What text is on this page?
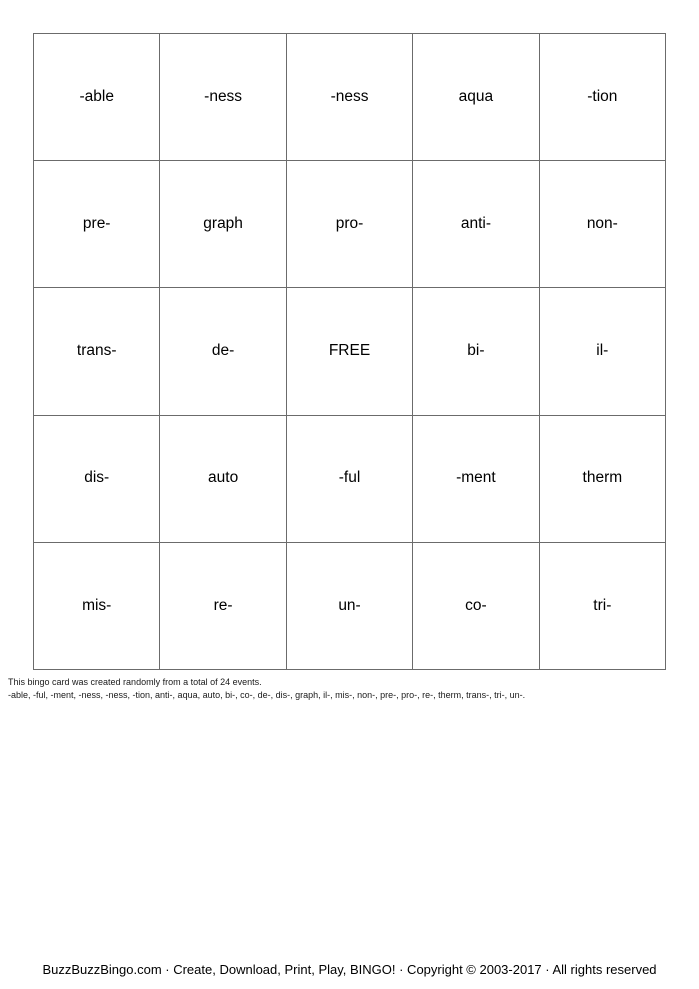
-able	-ness	-ness	aqua	-tion
pre-	graph	pro-	anti-	non-
trans-	de-	FREE	bi-	il-
dis-	auto	-ful	-ment	therm
mis-	re-	un-	co-	tri-
This bingo card was created randomly from a total of 24 events.
-able, -ful, -ment, -ness, -ness, -tion, anti-, aqua, auto, bi-, co-, de-, dis-, graph, il-, mis-, non-, pre-, pro-, re-, therm, trans-, tri-, un-.
BuzzBuzzBingo.com · Create, Download, Print, Play, BINGO! · Copyright © 2003-2017 · All rights reserved
